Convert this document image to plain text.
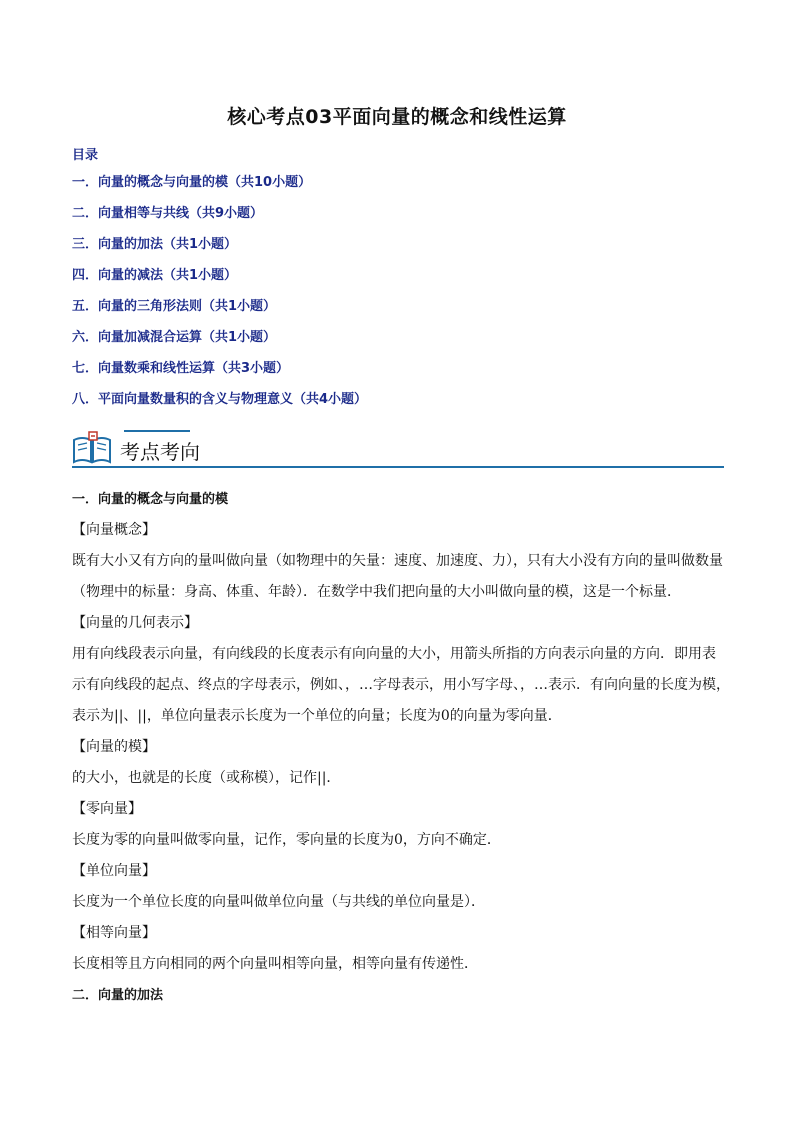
核心考点03平面向量的概念和线性运算
目录
一．向量的概念与向量的模（共10小题）
二．向量相等与共线（共9小题）
三．向量的加法（共1小题）
四．向量的减法（共1小题）
五．向量的三角形法则（共1小题）
六．向量加减混合运算（共1小题）
七．向量数乘和线性运算（共3小题）
八．平面向量数量积的含义与物理意义（共4小题）
考点考向
一．向量的概念与向量的模
【向量概念】
既有大小又有方向的量叫做向量（如物理中的矢量：速度、加速度、力），只有大小没有方向的量叫做数量
（物理中的标量：身高、体重、年龄）．在数学中我们把向量的大小叫做向量的模，这是一个标量．
【向量的几何表示】
用有向线段表示向量，有向线段的长度表示有向向量的大小，用箭头所指的方向表示向量的方向．即用表
示有向线段的起点、终点的字母表示，例如、，…字母表示，用小写字母、，…表示．有向向量的长度为模，
表示为||、||，单位向量表示长度为一个单位的向量；长度为0的向量为零向量．
【向量的模】
的大小，也就是的长度（或称模），记作||．
【零向量】
长度为零的向量叫做零向量，记作，零向量的长度为0，方向不确定．
【单位向量】
长度为一个单位长度的向量叫做单位向量（与共线的单位向量是）．
【相等向量】
长度相等且方向相同的两个向量叫相等向量，相等向量有传递性．
二．向量的加法
